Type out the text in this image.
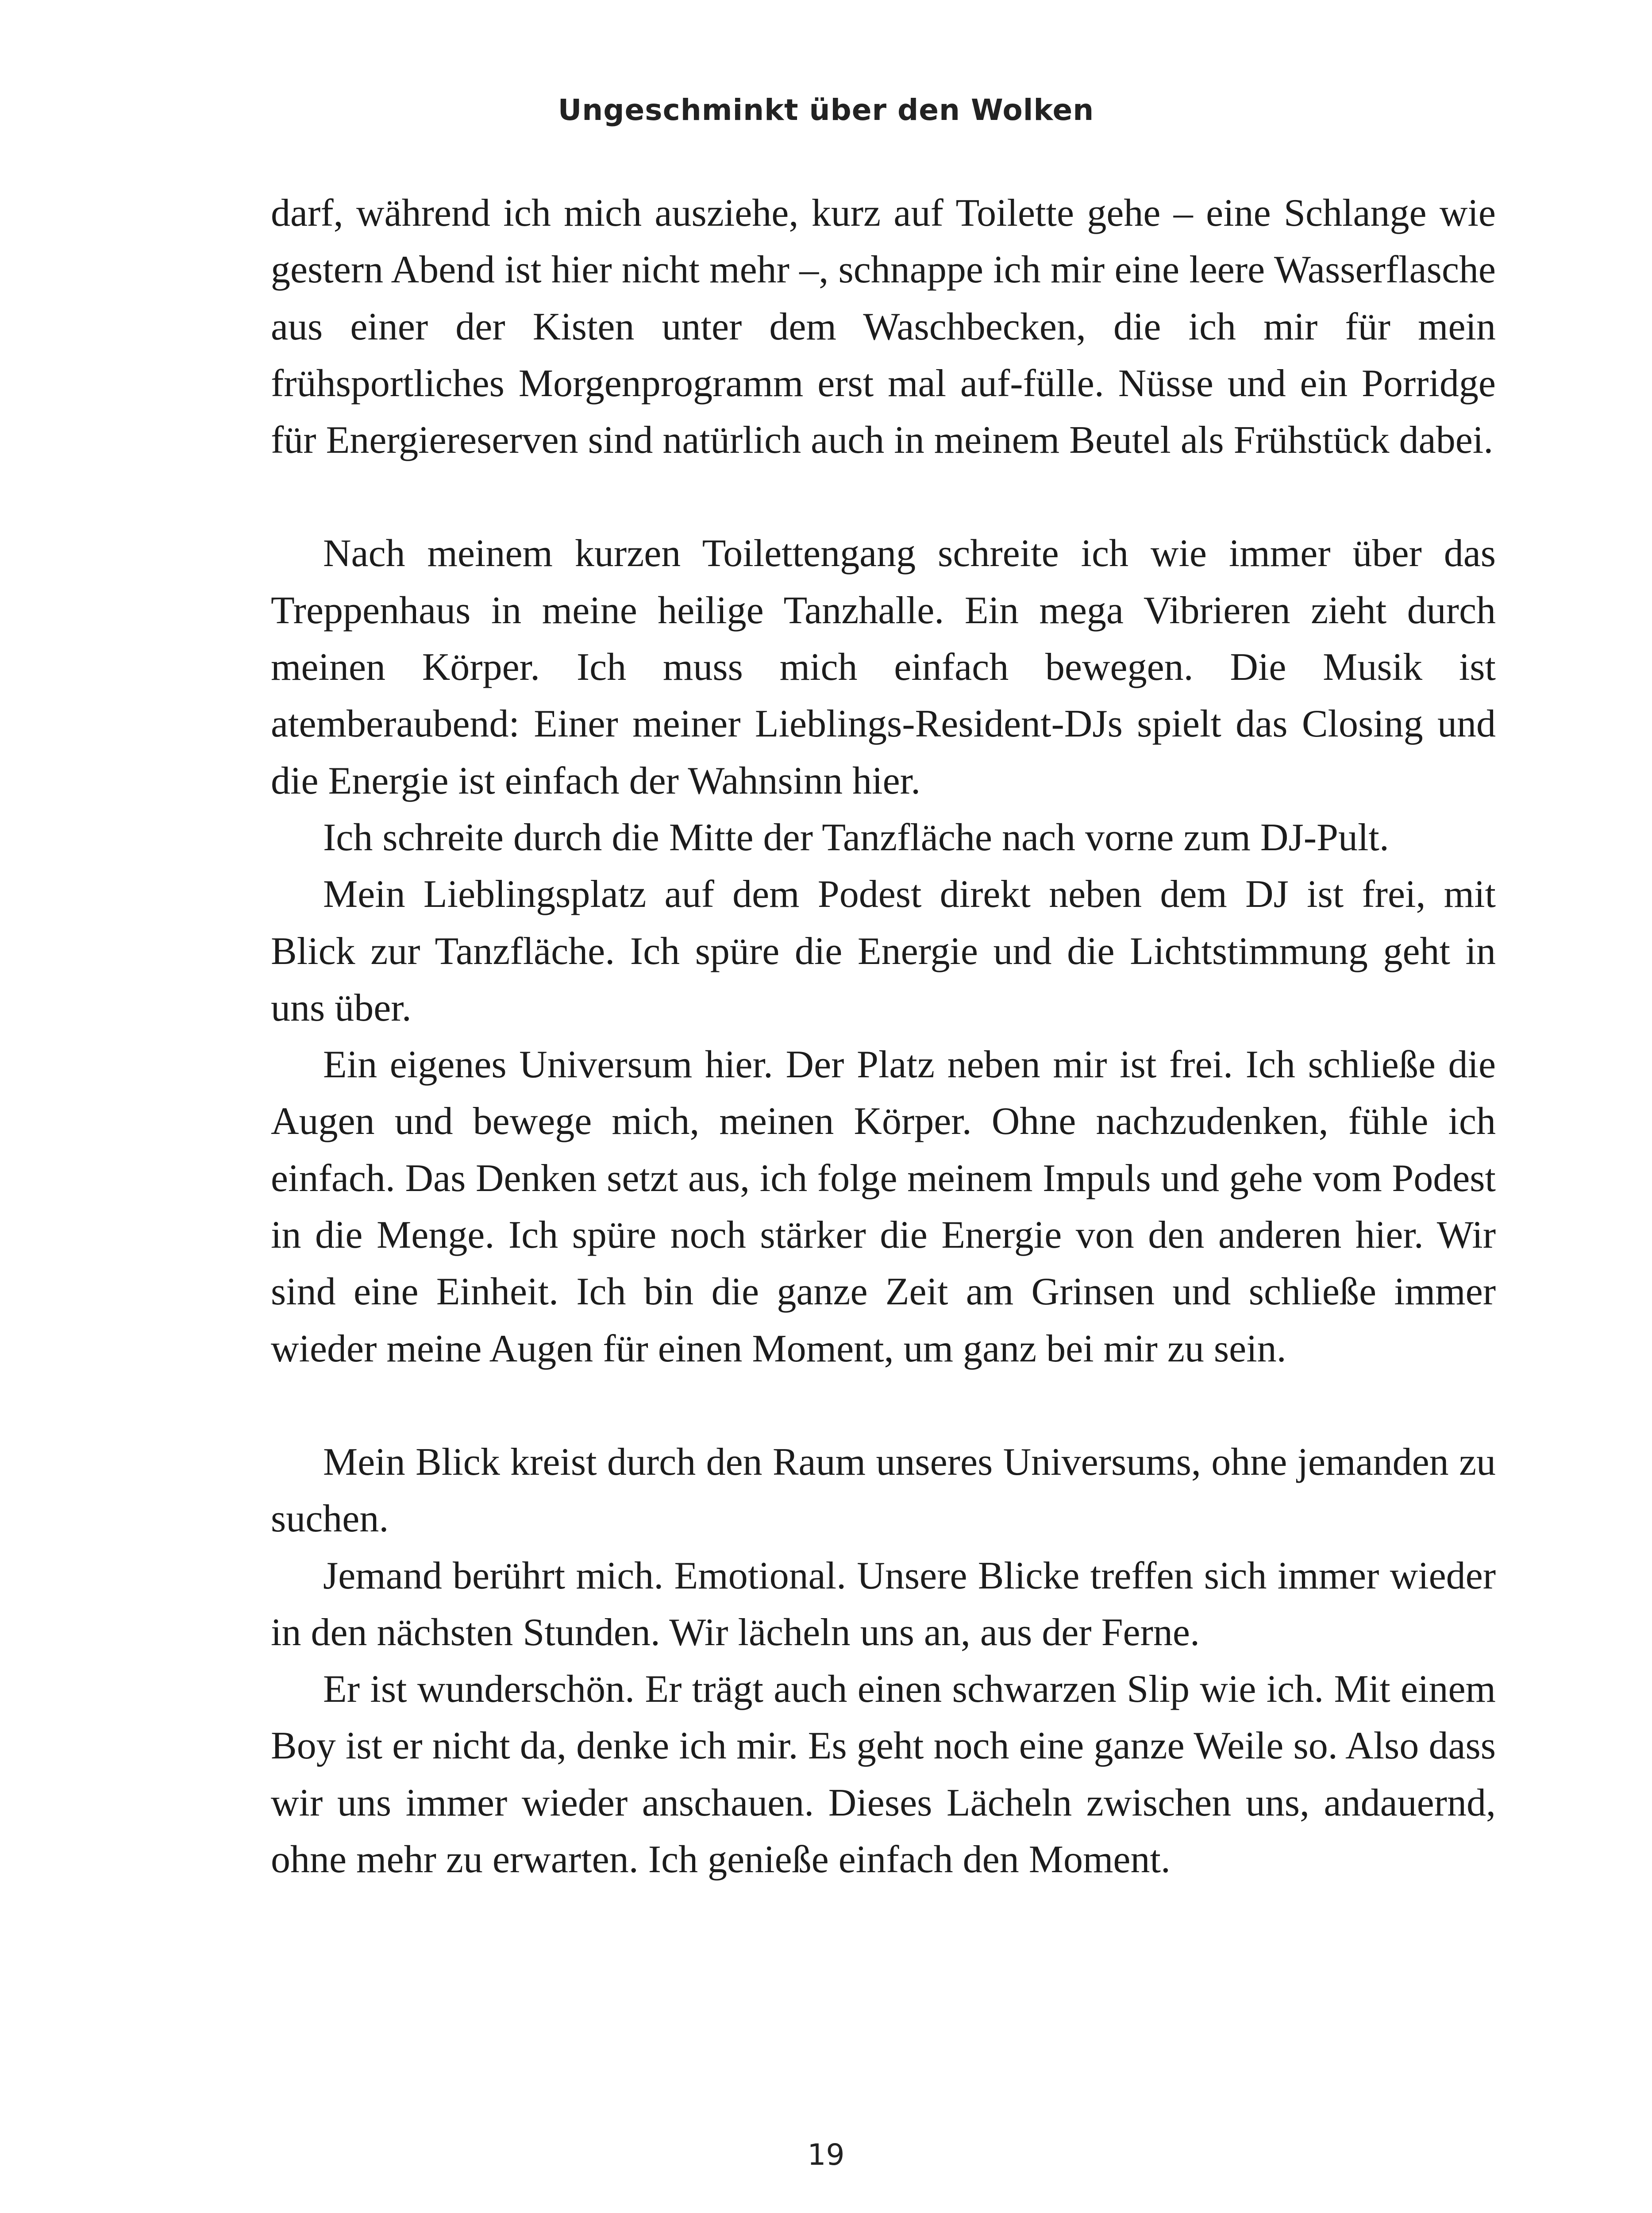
Ungeschminkt über den Wolken

darf, während ich mich ausziehe, kurz auf Toilette gehe – eine Schlange wie gestern Abend ist hier nicht mehr –, schnappe ich mir eine leere Wasserflasche aus einer der Kisten unter dem Waschbecken, die ich mir für mein frühsportliches Morgenprogramm erst mal auf-fülle. Nüsse und ein Porridge für Energiereserven sind natürlich auch in meinem Beutel als Frühstück dabei.

Nach meinem kurzen Toilettengang schreite ich wie immer über das Treppenhaus in meine heilige Tanzhalle. Ein mega Vibrieren zieht durch meinen Körper. Ich muss mich einfach bewegen. Die Musik ist atemberaubend: Einer meiner Lieblings-Resident-DJs spielt das Closing und die Energie ist einfach der Wahnsinn hier.

Ich schreite durch die Mitte der Tanzfläche nach vorne zum DJ-Pult.

Mein Lieblingsplatz auf dem Podest direkt neben dem DJ ist frei, mit Blick zur Tanzfläche. Ich spüre die Energie und die Lichtstimmung geht in uns über.

Ein eigenes Universum hier. Der Platz neben mir ist frei. Ich schließe die Augen und bewege mich, meinen Körper. Ohne nachzudenken, fühle ich einfach. Das Denken setzt aus, ich folge meinem Impuls und gehe vom Podest in die Menge. Ich spüre noch stärker die Energie von den anderen hier. Wir sind eine Einheit. Ich bin die ganze Zeit am Grinsen und schließe immer wieder meine Augen für einen Moment, um ganz bei mir zu sein.

Mein Blick kreist durch den Raum unseres Universums, ohne jemanden zu suchen.

Jemand berührt mich. Emotional. Unsere Blicke treffen sich immer wieder in den nächsten Stunden. Wir lächeln uns an, aus der Ferne.

Er ist wunderschön. Er trägt auch einen schwarzen Slip wie ich. Mit einem Boy ist er nicht da, denke ich mir. Es geht noch eine ganze Weile so. Also dass wir uns immer wieder anschauen. Dieses Lächeln zwischen uns, andauernd, ohne mehr zu erwarten. Ich genieße einfach den Moment.

19
